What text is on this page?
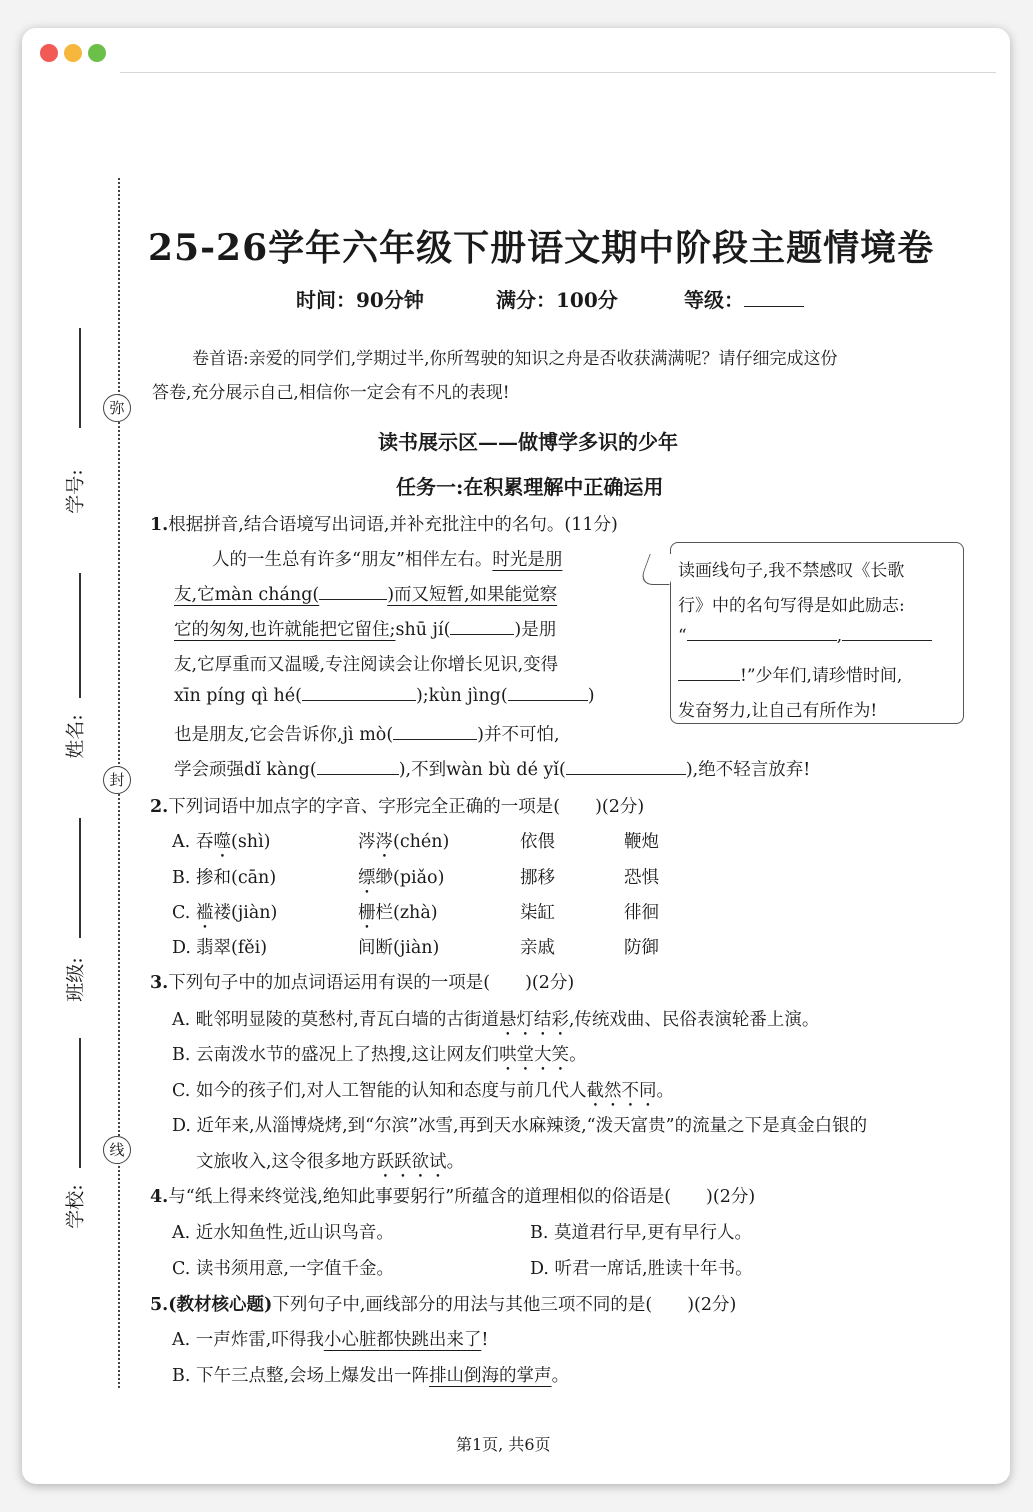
弥
封
线
学号:
姓名:
班级:
学校:
25-26学年六年级下册语文期中阶段主题情境卷
时间：90分钟	满分：100分	等级：
卷首语:亲爱的同学们,学期过半,你所驾驶的知识之舟是否收获满满呢？请仔细完成这份
答卷,充分展示自己,相信你一定会有不凡的表现!
读书展示区——做博学多识的少年
任务一:在积累理解中正确运用
1.根据拼音,结合语境写出词语,并补充批注中的名句。(11分)
人的一生总有许多“朋友”相伴左右。时光是朋
友,它màn cháng(	)而又短暂,如果能觉察
它的匆匆,也许就能把它留住;shū jí(	)是朋
友,它厚重而又温暖,专注阅读会让你增长见识,变得
xīn píng qì hé(	);kùn jìng(	)
也是朋友,它会告诉你,jì mò(	)并不可怕,
学会顽强dǐ kàng(	),不到wàn bù dé yǐ(	),绝不轻言放弃!
读画线句子,我不禁感叹《长歌
行》中的名句写得是如此励志:
“	,
!”少年们,请珍惜时间,
发奋努力,让自己有所作为!
2.下列词语中加点字的字音、字形完全正确的一项是(　　)(2分)
A. 吞噬(shì)	涔涔(chén)	依偎	鞭炮
B. 掺和(cān)	缥缈(piǎo)	挪移	恐惧
C. 褴褛(jiàn)	栅栏(zhà)	柒缸	徘徊
D. 翡翠(fěi)	间断(jiàn)	亲戚	防御
3.下列句子中的加点词语运用有误的一项是(　　)(2分)
A. 毗邻明显陵的莫愁村,青瓦白墙的古街道悬灯结彩,传统戏曲、民俗表演轮番上演。
B. 云南泼水节的盛况上了热搜,这让网友们哄堂大笑。
C. 如今的孩子们,对人工智能的认知和态度与前几代人截然不同。
D. 近年来,从淄博烧烤,到“尔滨”冰雪,再到天水麻辣烫,“泼天富贵”的流量之下是真金白银的
文旅收入,这令很多地方跃跃欲试。
4.与“纸上得来终觉浅,绝知此事要躬行”所蕴含的道理相似的俗语是(　　)(2分)
A. 近水知鱼性,近山识鸟音。	B. 莫道君行早,更有早行人。
C. 读书须用意,一字值千金。	D. 听君一席话,胜读十年书。
5.(教材核心题)下列句子中,画线部分的用法与其他三项不同的是(　　)(2分)
A. 一声炸雷,吓得我小心脏都快跳出来了!
B. 下午三点整,会场上爆发出一阵排山倒海的掌声。
第1页, 共6页
